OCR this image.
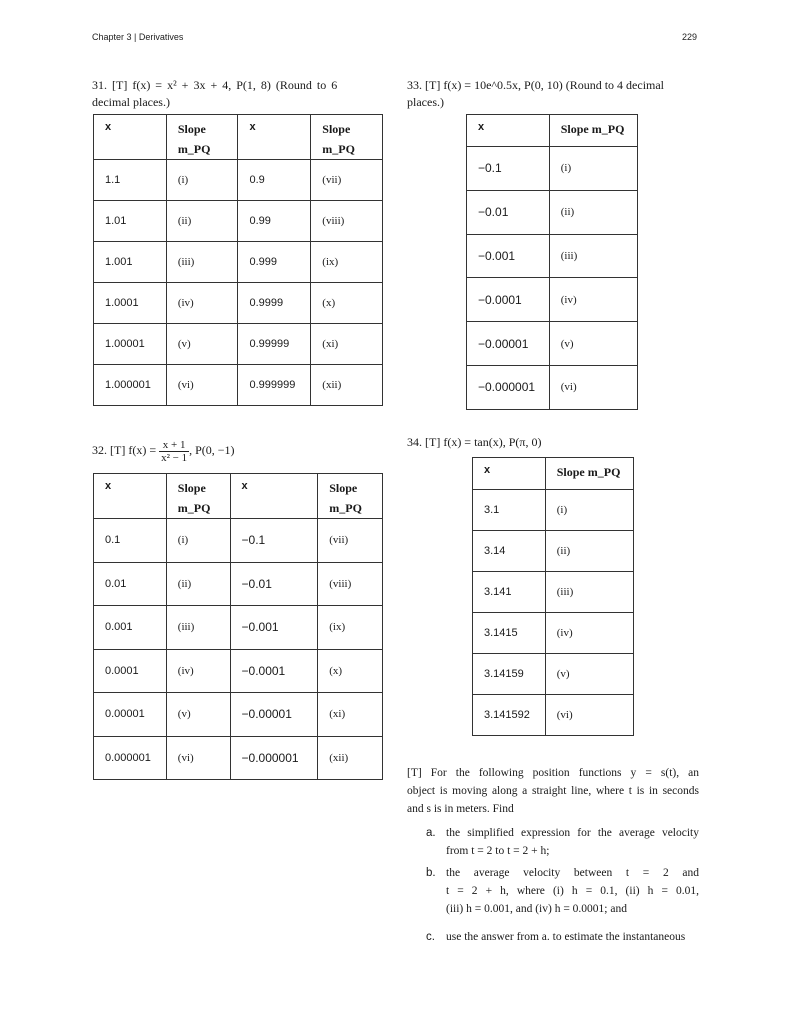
Chapter 3 | Derivatives	229
31. [T] f(x) = x² + 3x + 4, P(1, 8) (Round to 6
decimal places.)
x	Slope m_PQ	x	Slope m_PQ
1.1	(i)	0.9	(vii)
1.01	(ii)	0.99	(viii)
1.001	(iii)	0.999	(ix)
1.0001	(iv)	0.9999	(x)
1.00001	(v)	0.99999	(xi)
1.000001	(vi)	0.999999	(xii)
33. [T] f(x) = 10e^0.5x, P(0, 10) (Round to 4 decimal
places.)
x	Slope m_PQ
−0.1	(i)
−0.01	(ii)
−0.001	(iii)
−0.0001	(iv)
−0.00001	(v)
−0.000001	(vi)
32. [T] $f(x) = \frac{x + 1}{\text{x² − 1}}$ , P(0, −1)
x	Slope m_PQ	x	Slope m_PQ
0.1	(i)	−0.1	(vii)
0.01	(ii)	−0.01	(viii)
0.001	(iii)	−0.001	(ix)
0.0001	(iv)	−0.0001	(x)
0.00001	(v)	−0.00001	(xi)
0.000001	(vi)	−0.000001	(xii)
34. [T] f(x) = tan(x), P(π, 0)
x	Slope m_PQ
3.1	(i)
3.14	(ii)
3.141	(iii)
3.1415	(iv)
3.14159	(v)
3.141592	(vi)
[T] For the following position functions y = s(t), an
object is moving along a straight line, where t is in seconds
and s is in meters. Find
a. the simplified expression for the average velocity
from t = 2 to t = 2 + h;
b. the average velocity between t = 2 and
t = 2 + h, where (i) h = 0.1, (ii) h = 0.01,
(iii) h = 0.001, and (iv) h = 0.0001; and
c. use the answer from a. to estimate the instantaneous
